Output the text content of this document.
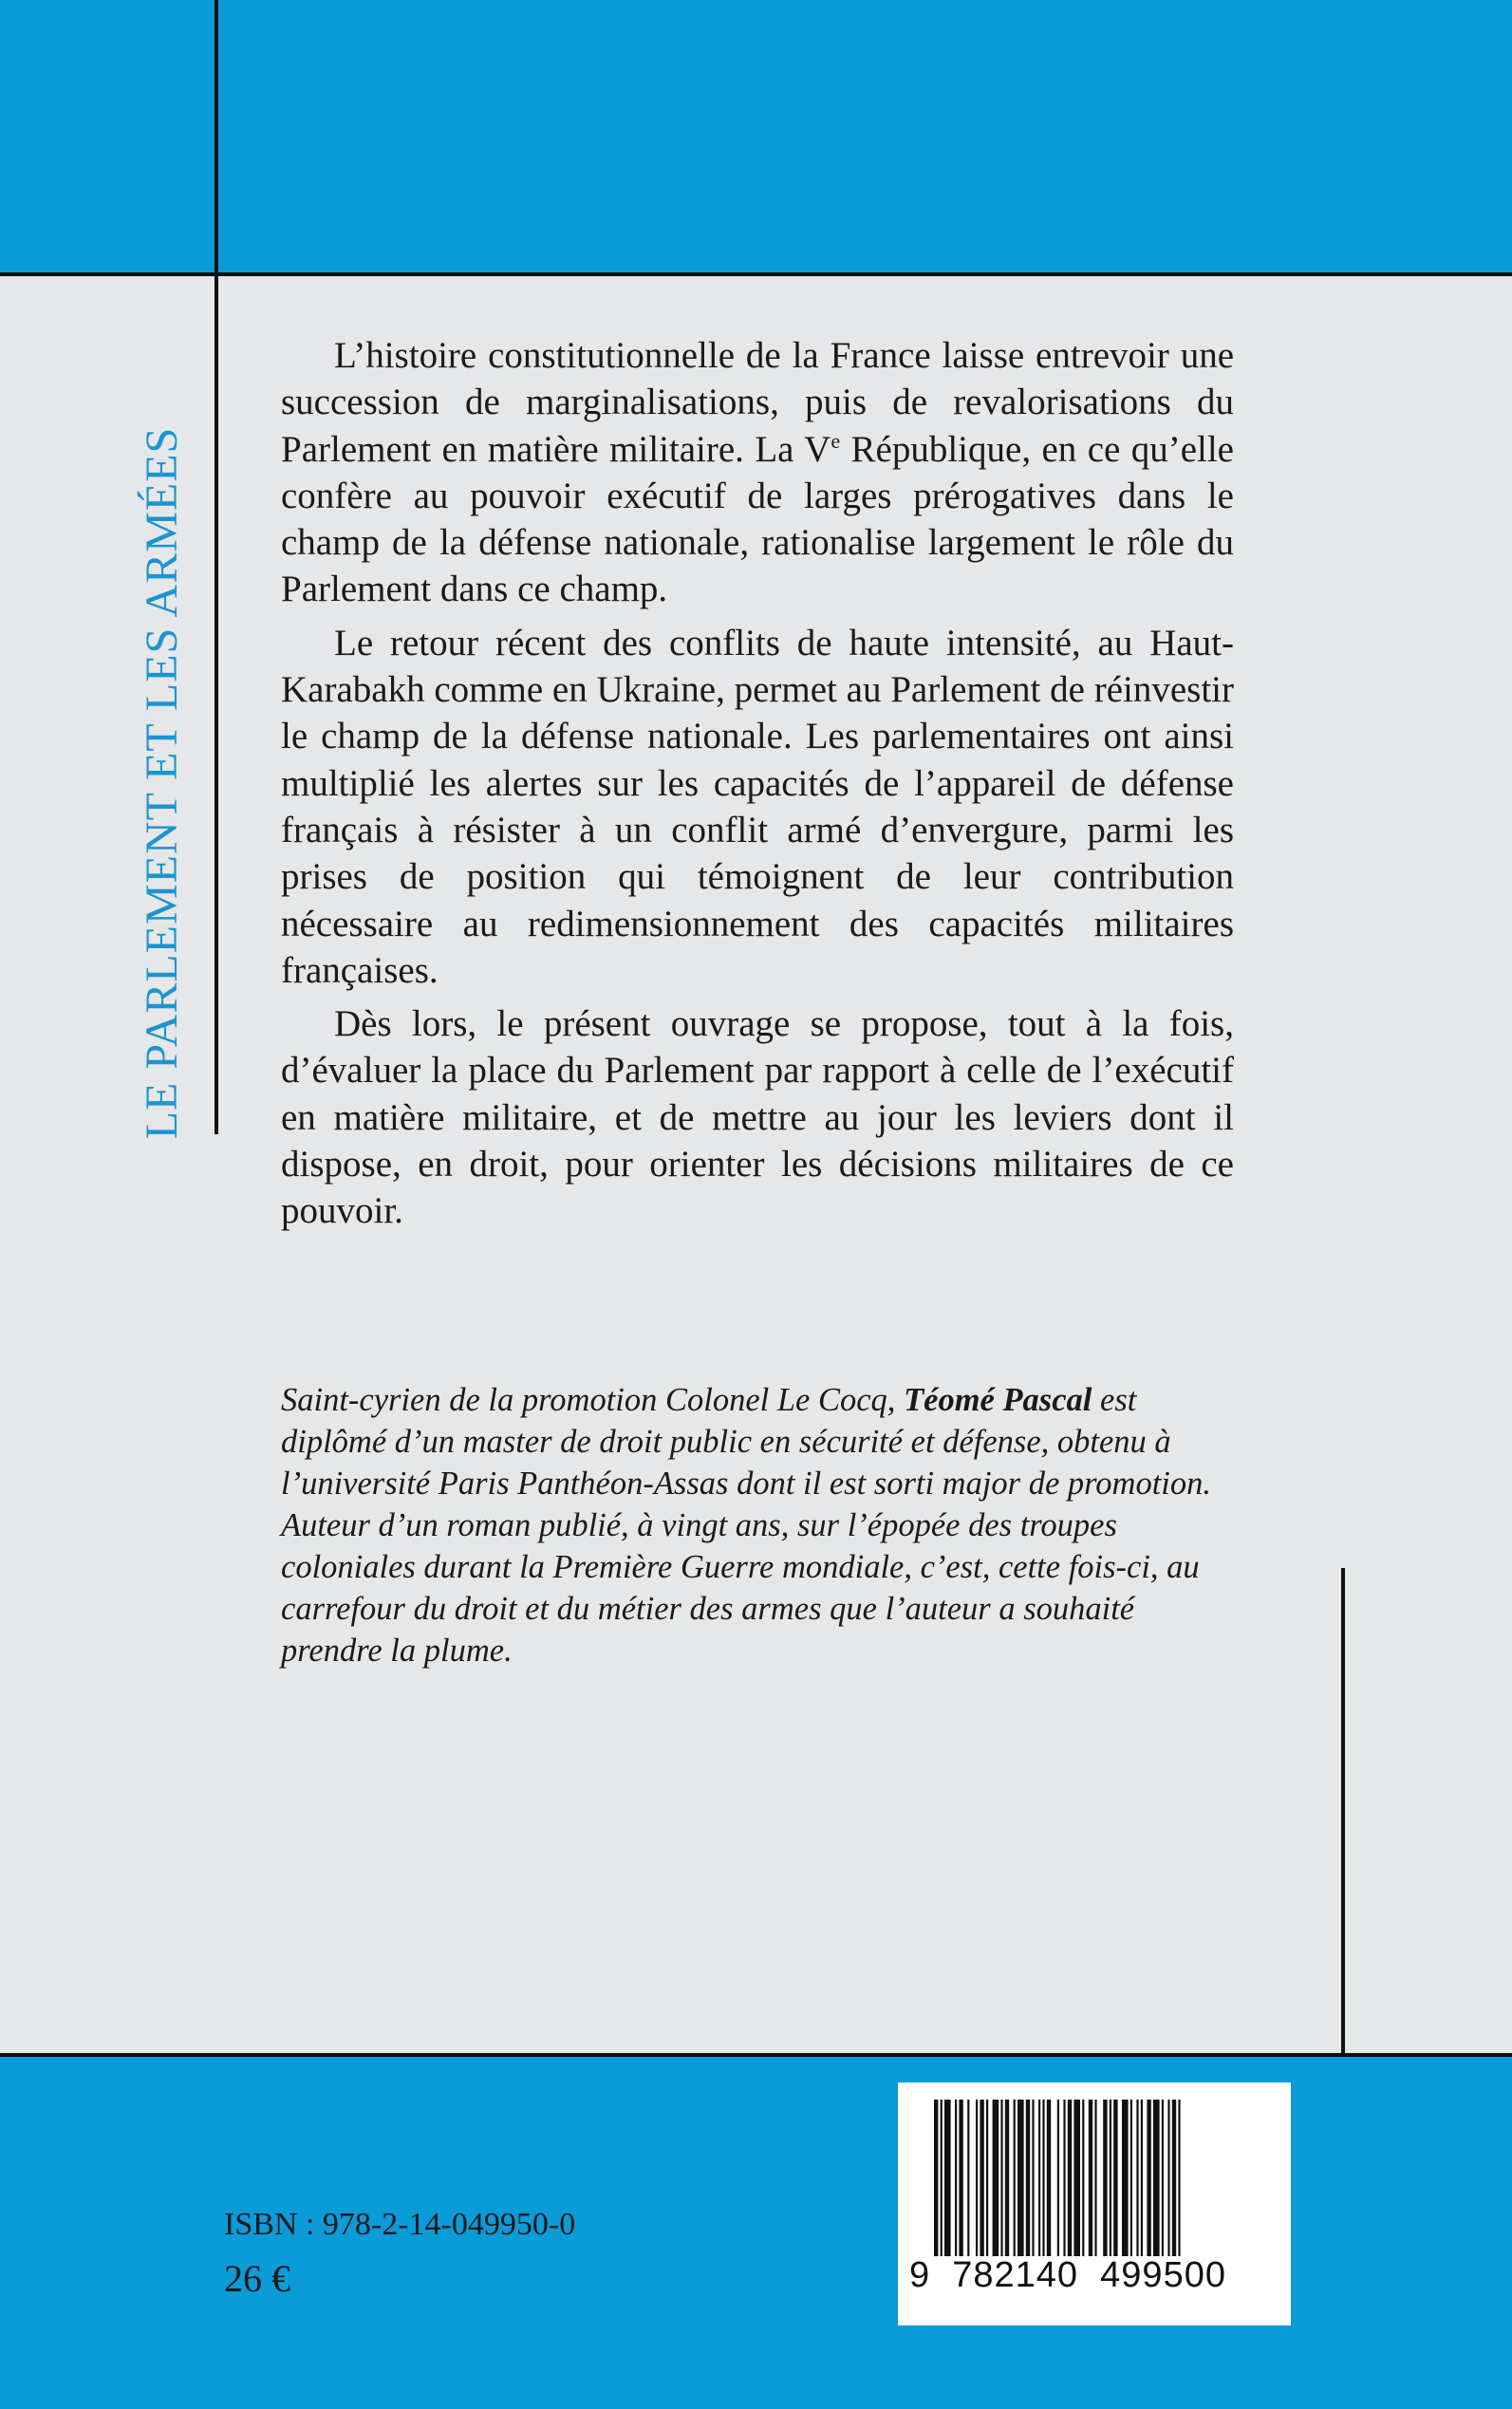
LE PARLEMENT ET LES ARMÉES

L’histoire constitutionnelle de la France laisse entrevoir une succession de marginalisations, puis de revalorisations du Parlement en matière militaire. La Ve République, en ce qu’elle confère au pouvoir exécutif de larges prérogatives dans le champ de la défense nationale, rationalise largement le rôle du Parlement dans ce champ.

Le retour récent des conflits de haute intensité, au Haut-Karabakh comme en Ukraine, permet au Parlement de réinvestir le champ de la défense nationale. Les parlementaires ont ainsi multiplié les alertes sur les capacités de l’appareil de défense français à résister à un conflit armé d’envergure, parmi les prises de position qui témoignent de leur contribution nécessaire au redimensionnement des capacités militaires françaises.

Dès lors, le présent ouvrage se propose, tout à la fois, d’évaluer la place du Parlement par rapport à celle de l’exécutif en matière militaire, et de mettre au jour les leviers dont il dispose, en droit, pour orienter les décisions militaires de ce pouvoir.

Saint-cyrien de la promotion Colonel Le Cocq, Téomé Pascal est diplômé d’un master de droit public en sécurité et défense, obtenu à l’université Paris Panthéon-Assas dont il est sorti major de promotion. Auteur d’un roman publié, à vingt ans, sur l’épopée des troupes coloniales durant la Première Guerre mondiale, c’est, cette fois-ci, au carrefour du droit et du métier des armes que l’auteur a souhaité prendre la plume.
ISBN : 978-2-14-049950-0
26 €	9  782140  499500
